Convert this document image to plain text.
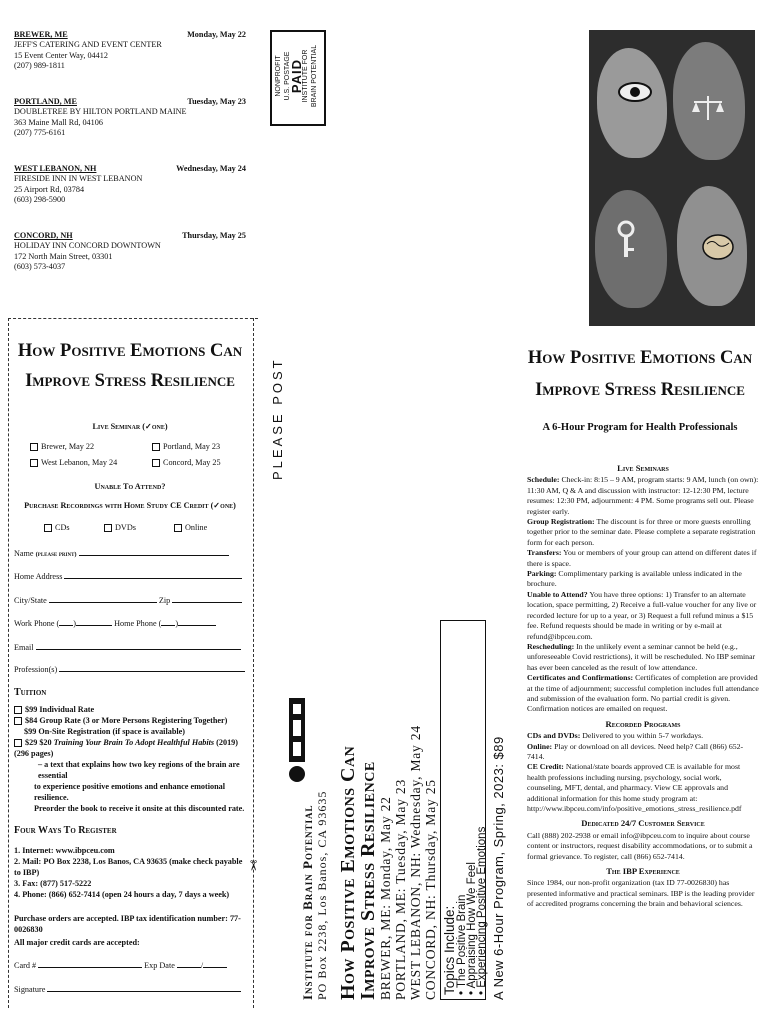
BREWER, ME	Monday, May 22
JEFF'S CATERING AND EVENT CENTER
15 Event Center Way, 04412
(207) 989-1811
PORTLAND, ME	Tuesday, May 23
DOUBLETREE BY HILTON PORTLAND MAINE
363 Maine Mall Rd, 04106
(207) 775-6161
WEST LEBANON, NH	Wednesday, May 24
FIRESIDE INN IN WEST LEBANON
25 Airport Rd, 03784
(603) 298-5900
CONCORD, NH	Thursday, May 25
HOLIDAY INN CONCORD DOWNTOWN
172 North Main Street, 03301
(603) 573-4037
NONPROFIT U.S. POSTAGE
PAID
INSTITUTE FOR BRAIN POTENTIAL
PLEASE POST
How Positive Emotions Can
Improve Stress Resilience
Live Seminar (✓one)
Brewer, May 22	Portland, May 23
West Lebanon, May 24	Concord, May 25
Unable To Attend?
Purchase Recordings with Home Study CE Credit (✓one)
CDs	DVDs	Online
Name (please print)
Home Address
City/State	Zip
Work Phone ( )	Home Phone ( )
Email
Profession(s)
Tuition
$99 Individual Rate
$84 Group Rate (3 or More Persons Registering Together)
$99 On-Site Registration (if space is available)
$29 $20 Training Your Brain To Adopt Healthful Habits (2019) (296 pages)
– a text that explains how two key regions of the brain are essential
to experience positive emotions and enhance emotional resilience.
Preorder the book to receive it onsite at this discounted rate.
Four Ways To Register
1. Internet: www.ibpceu.com
2. Mail: PO Box 2238, Los Banos, CA 93635 (make check payable to IBP)
3. Fax: (877) 517-5222
4. Phone: (866) 652-7414 (open 24 hours a day, 7 days a week)
Purchase orders are accepted. IBP tax identification number: 77-0026830
All major credit cards are accepted:
Card #	Exp Date	/
Signature
✂	Institute for Brain Potential PO Box 2238, Los Banos, CA 93635 How Positive Emotions Can
Improve Stress Resilience BREWER, ME: Monday, May 22 PORTLAND, ME: Tuesday, May 23 WEST LEBANON, NH: Wednesday, May 24 CONCORD, NH: Thursday, May 25 Topics Include: • The Positive Brain
• Appraising How We Feel
• Experiencing Positive Emotions A New 6-Hour Program, Spring, 2023: $89
How Positive Emotions Can
Improve Stress Resilience
A 6-Hour Program for Health Professionals
Live Seminars
Schedule: Check-in: 8:15 – 9 AM, program starts: 9 AM, lunch (on own): 11:30 AM, Q & A and discussion with instructor: 12-12:30 PM, lecture resumes: 12:30 PM, adjournment: 4 PM. Some programs sell out. Please register early.
Group Registration: The discount is for three or more guests enrolling together prior to the seminar date. Please complete a separate registration form for each person.
Transfers: You or members of your group can attend on different dates if there is space.
Parking: Complimentary parking is available unless indicated in the brochure.
Unable to Attend? You have three options: 1) Transfer to an alternate location, space permitting, 2) Receive a full-value voucher for any live or recorded lecture for up to a year, or 3) Request a full refund minus a $15 fee. Refund requests should be made in writing or by e-mail at refund@ibpceu.com.
Rescheduling: In the unlikely event a seminar cannot be held (e.g., unforeseeable Covid restrictions), it will be rescheduled. No IBP seminar has ever been canceled as the result of low attendance.
Certificates and Confirmations: Certificates of completion are provided at the time of adjournment; successful completion includes full attendance and submission of the evaluation form. No partial credit is given. Confirmation notices are emailed on request.
Recorded Programs
CDs and DVDs: Delivered to you within 5-7 workdays.
Online: Play or download on all devices. Need help? Call (866) 652-7414.
CE Credit: National/state boards approved CE is available for most health professions including nursing, psychology, social work, counseling, MFT, dental, and pharmacy. View CE approvals and additional information for this home study program at: http://www.ibpceu.com/info/positive_emotions_stress_resilience.pdf
Dedicated 24/7 Customer Service
Call (888) 202-2938 or email info@ibpceu.com to inquire about course content or instructors, request disability accommodations, or to submit a formal grievance. To register, call (866) 652-7414.
The IBP Experience
Since 1984, our non-profit organization (tax ID 77-0026830) has presented informative and practical seminars. IBP is the leading provider of accredited programs concerning the brain and behavioral sciences.
